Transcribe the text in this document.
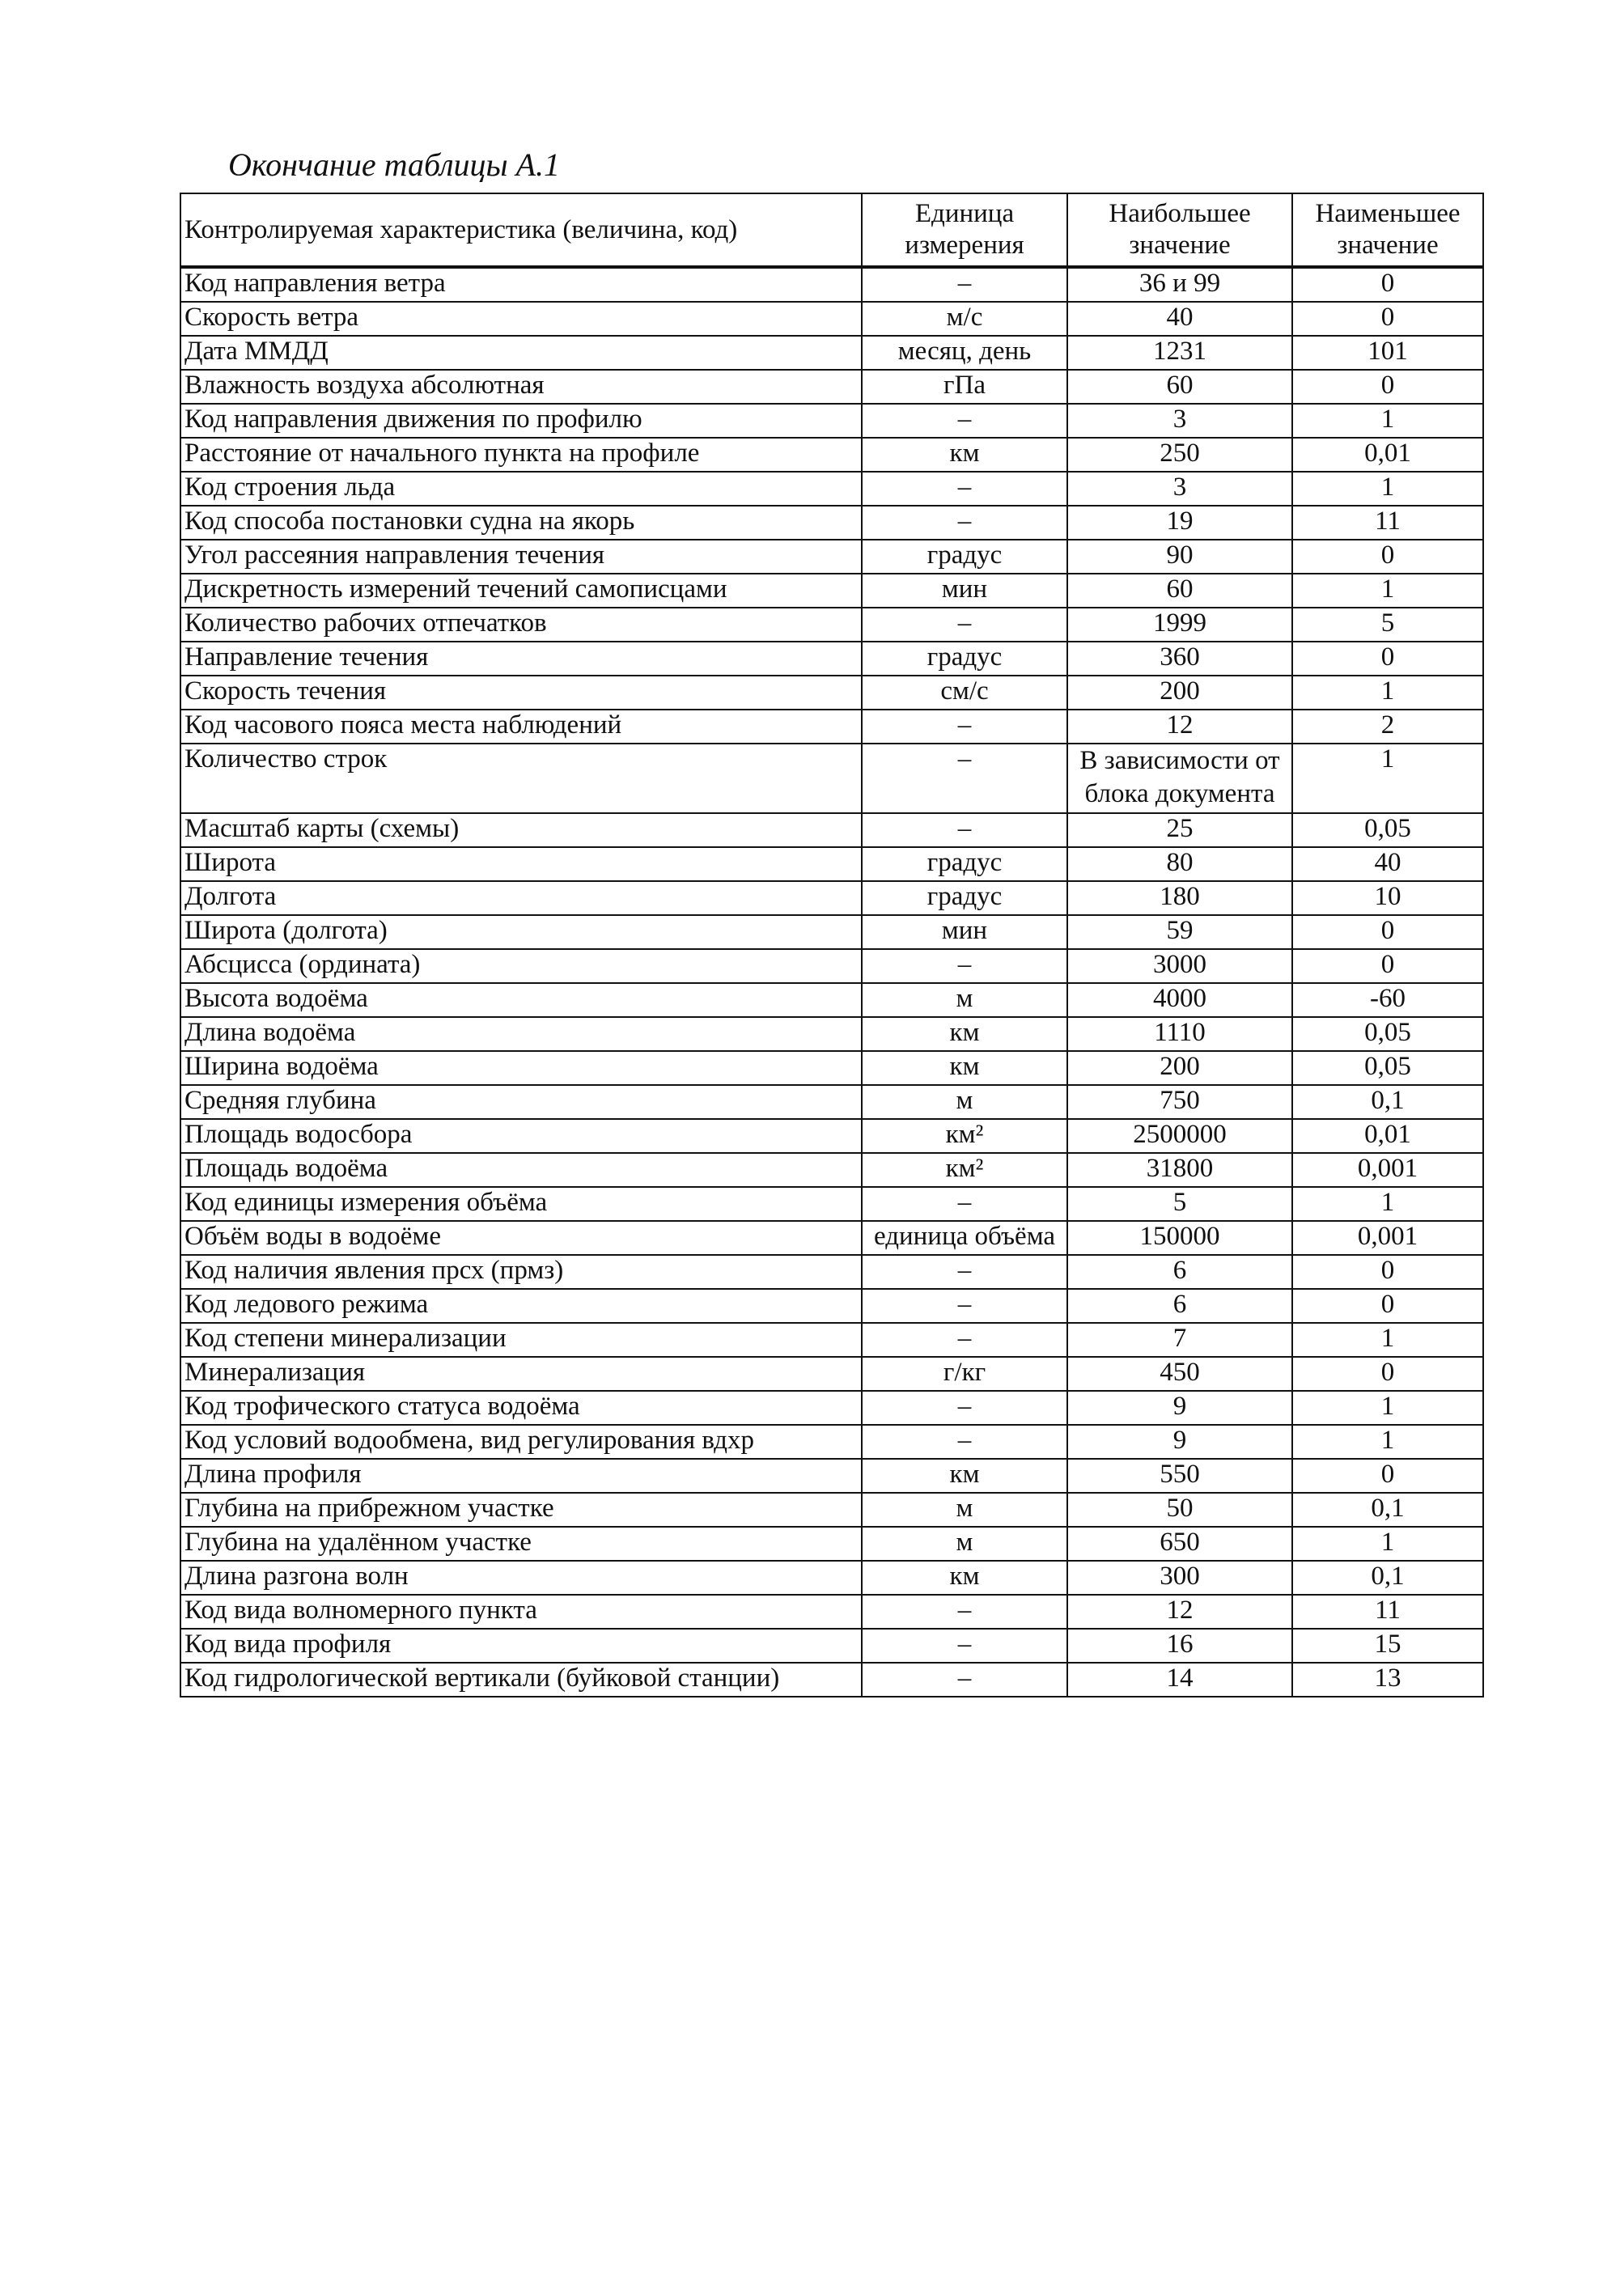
Окончание таблицы А.1
Контролируемая характеристика (величина, код)	Единица измерения	Наибольшее значение	Наименьшее значение
Код направления ветра	–	36 и 99	0
Скорость ветра	м/с	40	0
Дата ММДД	месяц, день	1231	101
Влажность воздуха абсолютная	гПа	60	0
Код направления движения по профилю	–	3	1
Расстояние от начального пункта на профиле	км	250	0,01
Код строения льда	–	3	1
Код способа постановки судна на якорь	–	19	11
Угол рассеяния направления течения	градус	90	0
Дискретность измерений течений самописцами	мин	60	1
Количество рабочих отпечатков	–	1999	5
Направление течения	градус	360	0
Скорость течения	см/с	200	1
Код часового пояса места наблюдений	–	12	2
Количество строк	–	В зависимости от блока документа	1
Масштаб карты (схемы)	–	25	0,05
Широта	градус	80	40
Долгота	градус	180	10
Широта (долгота)	мин	59	0
Абсцисса (ордината)	–	3000	0
Высота водоёма	м	4000	-60
Длина водоёма	км	1110	0,05
Ширина водоёма	км	200	0,05
Средняя глубина	м	750	0,1
Площадь водосбора	км²	2500000	0,01
Площадь водоёма	км²	31800	0,001
Код единицы измерения объёма	–	5	1
Объём воды в водоёме	единица объёма	150000	0,001
Код наличия явления прсх (прмз)	–	6	0
Код ледового режима	–	6	0
Код степени минерализации	–	7	1
Минерализация	г/кг	450	0
Код трофического статуса водоёма	–	9	1
Код условий водообмена, вид регулирования вдхр	–	9	1
Длина профиля	км	550	0
Глубина на прибрежном участке	м	50	0,1
Глубина на удалённом участке	м	650	1
Длина разгона волн	км	300	0,1
Код вида волномерного пункта	–	12	11
Код вида профиля	–	16	15
Код гидрологической вертикали (буйковой станции)	–	14	13
